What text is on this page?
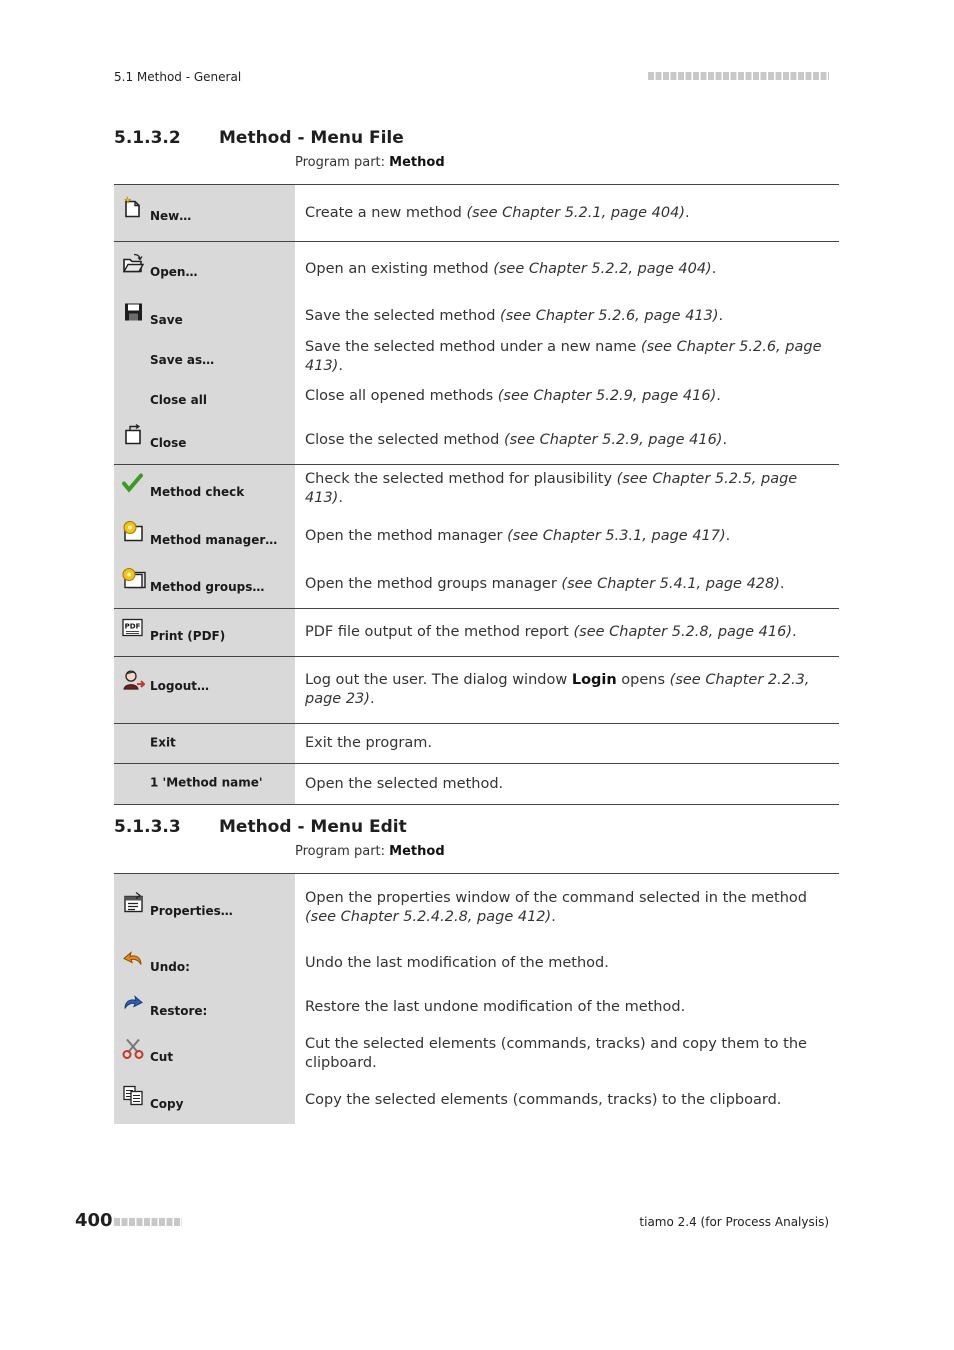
5.1 Method - General
5.1.3.2 Method - Menu File
Program part: Method
New…	Create a new method (see Chapter 5.2.1, page 404).

Open…	Open an existing method (see Chapter 5.2.2, page 404).

Save	Save the selected method (see Chapter 5.2.6, page 413).

Save as…	Save the selected method under a new name (see Chapter 5.2.6, page 413).

Close all	Close all opened methods (see Chapter 5.2.9, page 416).

Close	Close the selected method (see Chapter 5.2.9, page 416).

Method check	Check the selected method for plausibility (see Chapter 5.2.5, page 413).

Method manager…	Open the method manager (see Chapter 5.3.1, page 417).

Method groups…	Open the method groups manager (see Chapter 5.4.1, page 428).

PDF
Print (PDF)	PDF file output of the method report (see Chapter 5.2.8, page 416).

Logout…	Log out the user. The dialog window Login opens (see Chapter 2.2.3, page 23).

Exit	Exit the program.

1 'Method name'	Open the selected method.
5.1.3.3 Method - Menu Edit
Program part: Method
Properties…	Open the properties window of the command selected in the method (see Chapter 5.2.4.2.8, page 412).

Undo:	Undo the last modification of the method.

Restore:	Restore the last undone modification of the method.

Cut	Cut the selected elements (commands, tracks) and copy them to the clipboard.

Copy	Copy the selected elements (commands, tracks) to the clipboard.
400	tiamo 2.4 (for Process Analysis)
